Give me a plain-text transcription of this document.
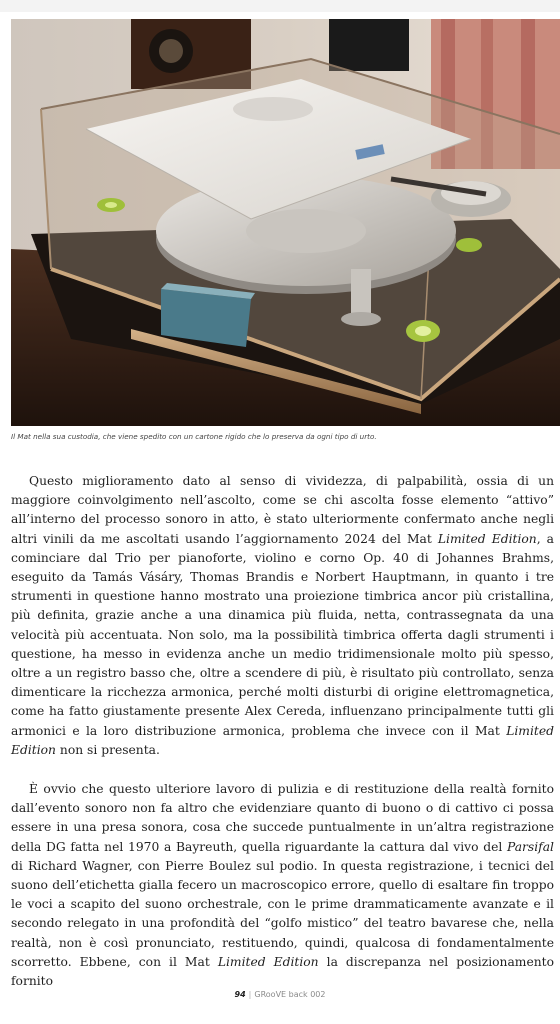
Il Mat nella sua custodia, che viene spedito con un cartone rigido che lo preserva da ogni tipo di urto.

Questo miglioramento dato al senso di vividezza, di palpabilità, ossia di un maggiore coinvolgimento nell’ascolto, come se chi ascolta fosse elemento “attivo” all’interno del processo sonoro in atto, è stato ulteriormente confermato anche negli altri vinili da me ascoltati usando l’aggiornamento 2024 del Mat Limited Edition, a cominciare dal Trio per pianoforte, violino e corno Op. 40 di Johannes Brahms, eseguito da Tamás Vásáry, Thomas Brandis e Norbert Hauptmann, in quanto i tre strumenti in questione hanno mostrato una proiezione timbrica ancor più cristallina, più definita, grazie anche a una dinamica più fluida, netta, contrassegnata da una velocità più accentuata. Non solo, ma la possibilità timbrica offerta dagli strumenti i questione, ha messo in evidenza anche un medio tridimensionale molto più spesso, oltre a un registro basso che, oltre a scendere di più, è risultato più controllato, senza dimenticare la ricchezza armonica, perché molti disturbi di origine elettromagnetica, come ha fatto giustamente presente Alex Cereda, influenzano principalmente tutti gli armonici e la loro distribuzione armonica, problema che invece con il Mat Limited Edition non si presenta.

È ovvio che questo ulteriore lavoro di pulizia e di restituzione della realtà fornito dall’evento sonoro non fa altro che evidenziare quanto di buono o di cattivo ci possa essere in una presa sonora, cosa che succede puntualmente in un’altra registrazione della DG fatta nel 1970 a Bayreuth, quella riguardante la cattura dal vivo del Parsifal di Richard Wagner, con Pierre Boulez sul podio. In questa registrazione, i tecnici del suono dell’etichetta gialla fecero un macroscopico errore, quello di esaltare fin troppo le voci a scapito del suono orchestrale, con le prime drammaticamente avanzate e il secondo relegato in una profondità del “golfo mistico” del teatro bavarese che, nella realtà, non è così pronunciato, restituendo, quindi, qualcosa di fondamentalmente scorretto. Ebbene, con il Mat Limited Edition la discrepanza nel posizionamento fornito

94 | GRooVE back 002
